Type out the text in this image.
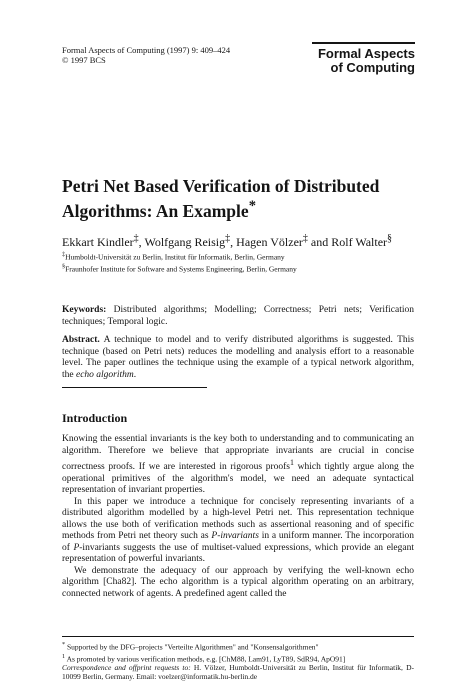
Formal Aspects of Computing (1997) 9: 409–424
© 1997 BCS	Formal Aspects
of Computing
Petri Net Based Verification of Distributed
Algorithms: An Example*
Ekkart Kindler‡, Wolfgang Reisig‡, Hagen Völzer‡ and Rolf Walter§
‡Humboldt-Universität zu Berlin, Institut für Informatik, Berlin, Germany
§Fraunhofer Institute for Software and Systems Engineering, Berlin, Germany
Keywords: Distributed algorithms; Modelling; Correctness; Petri nets; Verification techniques; Temporal logic.
Abstract. A technique to model and to verify distributed algorithms is suggested. This technique (based on Petri nets) reduces the modelling and analysis effort to a reasonable level. The paper outlines the technique using the example of a typical network algorithm, the echo algorithm.
Introduction

Knowing the essential invariants is the key both to understanding and to communicating an algorithm. Therefore we believe that appropriate invariants are crucial in concise correctness proofs. If we are interested in rigorous proofs$^1$ which tightly argue along the operational primitives of the algorithm's model, we need an adequate syntactical representation of invariant properties.

In this paper we introduce a technique for concisely representing invariants of a distributed algorithm modelled by a high-level Petri net. This representation technique allows the use both of verification methods such as assertional reasoning and of specific methods from Petri net theory such as P-invariants in a uniform manner. The incorporation of P-invariants suggests the use of multiset-valued expressions, which provide an elegant representation of powerful invariants.

We demonstrate the adequacy of our approach by verifying the well-known echo algorithm [Cha82]. The echo algorithm is a typical algorithm operating on an arbitrary, connected network of agents. A predefined agent called the

* Supported by the DFG–projects "Verteilte Algorithmen" and "Konsensalgorithmen"
$^1$ As promoted by various verification methods, e.g. [ChM88, Lam91, LyT89, SdR94, ApO91]
Correspondence and offprint requests to: H. Völzer, Humboldt-Universität zu Berlin, Institut für Informatik, D-10099 Berlin, Germany. Email: voelzer@informatik.hu-berlin.de
